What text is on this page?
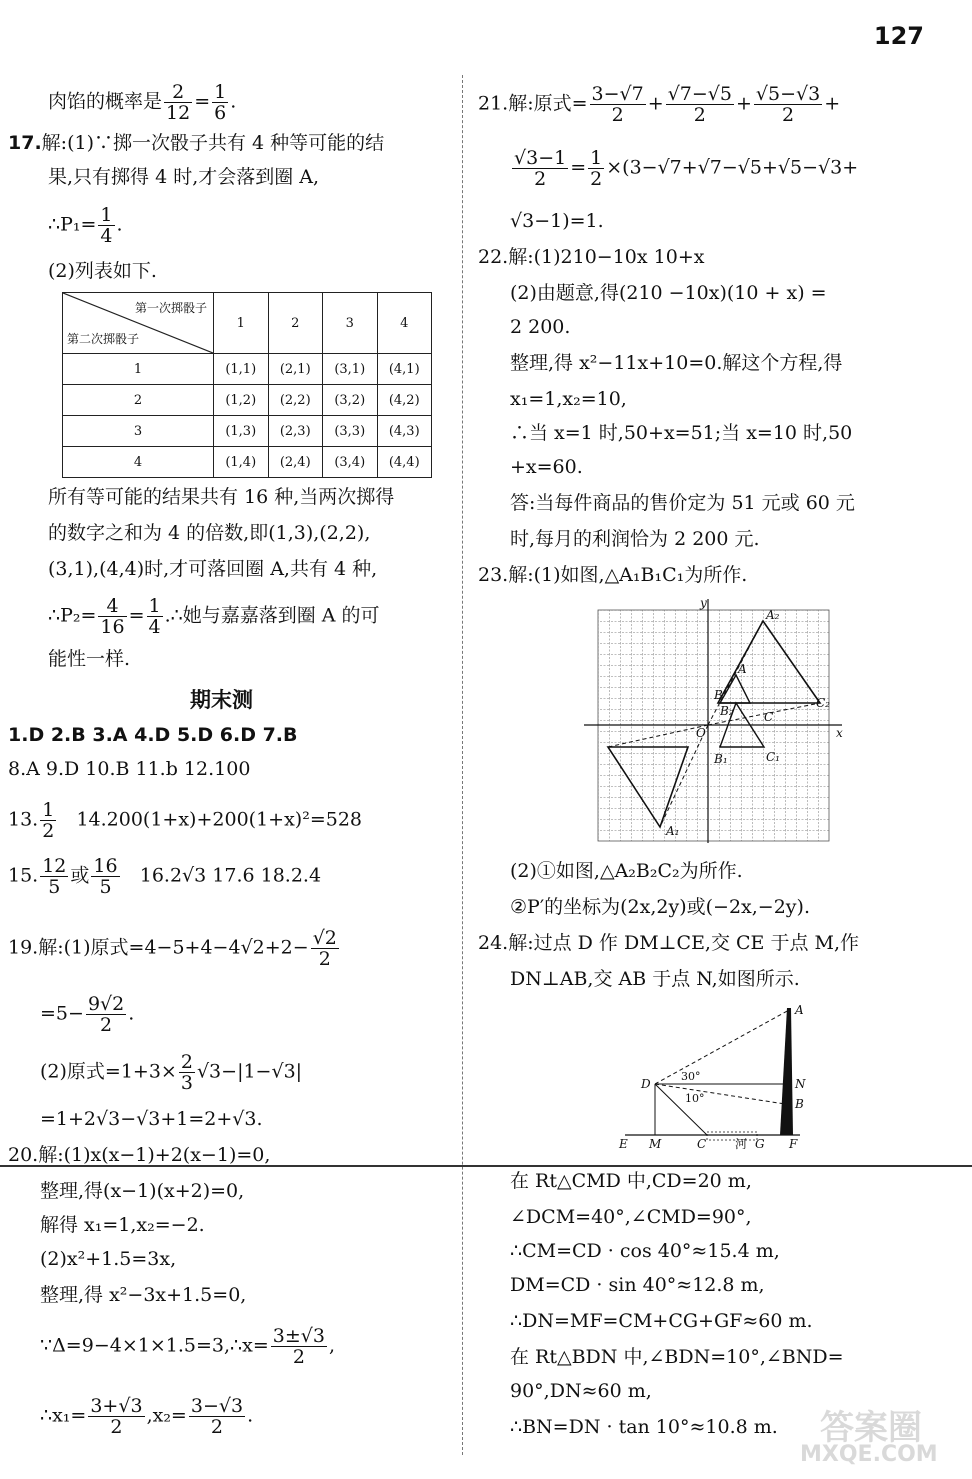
127
肉馅的概率是 $\frac{2}{12} = \frac{1}{6}$ .
17.解:(1)∵掷一次骰子共有 4 种等可能的结
果,只有掷得 4 时,才会落到圈 A,
∴P₁= $\frac{1}{4}$ .
(2)列表如下.
第一次掷骰子
第二次掷骰子	1	2	3	4
1	(1,1)	(2,1)	(3,1)	(4,1)
2	(1,2)	(2,2)	(3,2)	(4,2)
3	(1,3)	(2,3)	(3,3)	(4,3)
4	(1,4)	(2,4)	(3,4)	(4,4)
所有等可能的结果共有 16 种,当两次掷得
的数字之和为 4 的倍数,即(1,3),(2,2),
(3,1),(4,4)时,才可落回圈 A,共有 4 种,
∴P₂= $\frac{4}{16} = \frac{1}{4}$ .∴她与嘉嘉落到圈 A 的可
能性一样.
期末测
1.D 2.B 3.A 4.D 5.D 6.D 7.B
8.A 9.D 10.B 11.b 12.100
13. $\frac{1}{2} 14.200(1+x)+200(1+x)^2=528$
15. $\frac{12}{5}$ 或 $\frac{16}{5} 16.2√3$ 17.6 18.2.4
19.解:(1)原式$=4-5+4-4√2+2- \frac{√2}{2}$
$=5- \frac{9√2}{2}$ .
(2)原式$=1+3\times \frac{2}{3} √3-|1-√3|$
=1+2√3−√3+1=2+√3.
20.解:(1)x(x−1)+2(x−1)=0,
整理,得(x−1)(x+2)=0,
解得 x₁=1,x₂=−2.
(2)x²+1.5=3x,
整理,得 x²−3x+1.5=0,
∵Δ=9−4×1×1.5=3,∴x= $\frac{3\pm√3}{2}$ ,
∴x₁= $\frac{3+√3}{2} ,x_2= \frac{3-√3}{2}$ .
21.解:原式= $\frac{3-√7}{2} + \frac{√7-√5}{2} + \frac{√5-√3}{2}$ +
$\frac{√3-1}{2} = \frac{1}{2} \times(3-√7+√7-√5+√5-√3+$
√3−1)=1.
22.解:(1)210−10x 10+x
(2)由题意,得(210 −10x)(10 + x) =
2 200.
整理,得 x²−11x+10=0.解这个方程,得
x₁=1,x₂=10,
∴当 x=1 时,50+x=51;当 x=10 时,50
+x=60.
答:当每件商品的售价定为 51 元或 60 元
时,每月的利润恰为 2 200 元.
23.解:(1)如图,△A₁B₁C₁为所作.
y
x
O
A₂
B₂
C₂
A
B
C
A₁
B₁	C₁
(2)①如图,△A₂B₂C₂为所作.
②P′的坐标为(2x,2y)或(−2x,−2y).
24.解:过点 D 作 DM⊥CE,交 CE 于点 M,作
DN⊥AB,交 AB 于点 N,如图所示.
A
D	N
B
E M	C 河 G F
30°
10°
在 Rt△CMD 中,CD=20 m,
∠DCM=40°,∠CMD=90°,
∴CM=CD · cos 40°≈15.4 m,
DM=CD · sin 40°≈12.8 m,
∴DN=MF=CM+CG+GF≈60 m.
在 Rt△BDN 中,∠BDN=10°,∠BND=
90°,DN≈60 m,
∴BN=DN · tan 10°≈10.8 m. 答案圈
MXQE.COM
